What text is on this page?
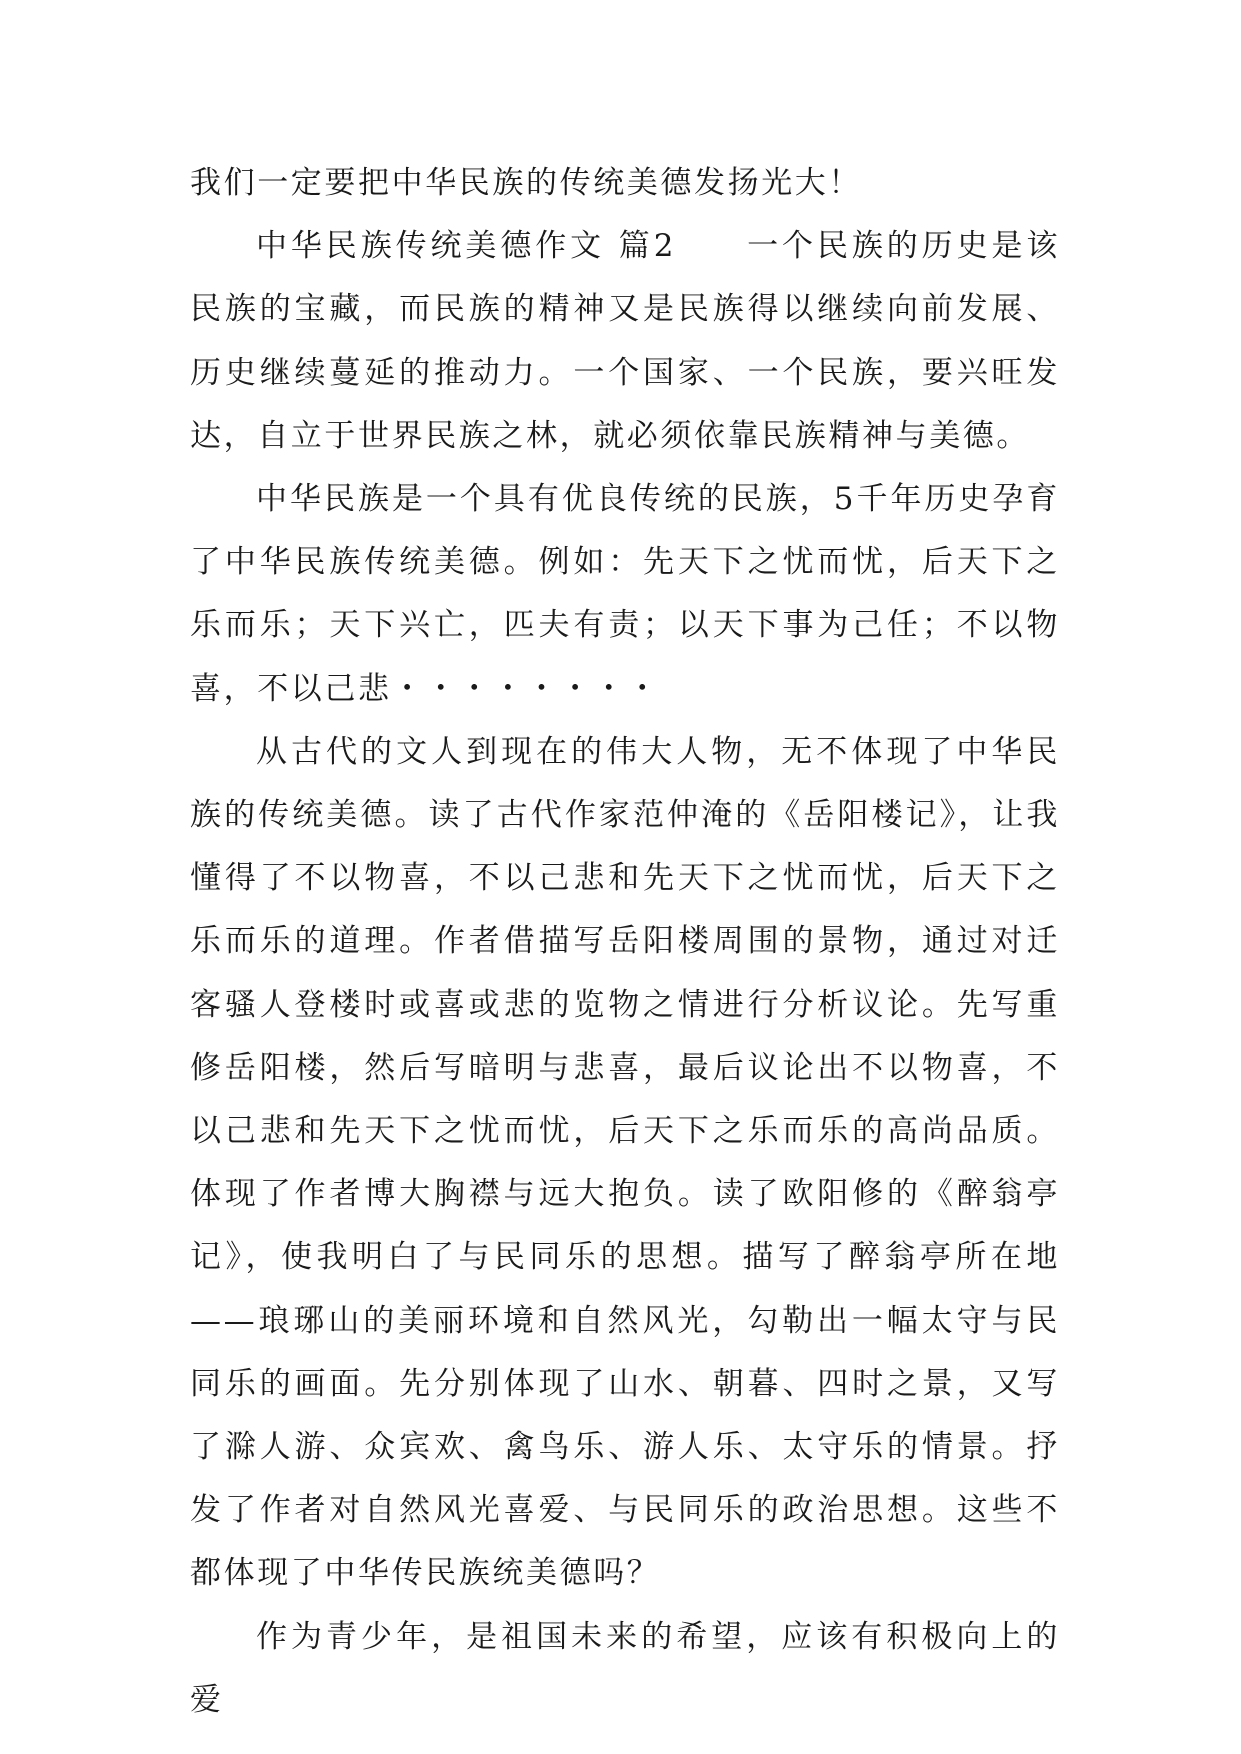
我们一定要把中华民族的传统美德发扬光大！

中华民族传统美德作文 篇2　　一个民族的历史是该民族的宝藏，而民族的精神又是民族得以继续向前发展、历史继续蔓延的推动力。一个国家、一个民族，要兴旺发达，自立于世界民族之林，就必须依靠民族精神与美德。

中华民族是一个具有优良传统的民族，5千年历史孕育了中华民族传统美德。例如：先天下之忧而忧，后天下之乐而乐；天下兴亡，匹夫有责；以天下事为己任；不以物喜，不以己悲・・・・・・・・

从古代的文人到现在的伟大人物，无不体现了中华民族的传统美德。读了古代作家范仲淹的《岳阳楼记》，让我懂得了不以物喜，不以己悲和先天下之忧而忧，后天下之乐而乐的道理。作者借描写岳阳楼周围的景物，通过对迁客骚人登楼时或喜或悲的览物之情进行分析议论。先写重修岳阳楼，然后写暗明与悲喜，最后议论出不以物喜，不以己悲和先天下之忧而忧，后天下之乐而乐的高尚品质。体现了作者博大胸襟与远大抱负。读了欧阳修的《醉翁亭记》，使我明白了与民同乐的思想。描写了醉翁亭所在地——琅琊山的美丽环境和自然风光，勾勒出一幅太守与民同乐的画面。先分别体现了山水、朝暮、四时之景，又写了滁人游、众宾欢、禽鸟乐、游人乐、太守乐的情景。抒发了作者对自然风光喜爱、与民同乐的政治思想。这些不都体现了中华传民族统美德吗？

作为青少年，是祖国未来的希望，应该有积极向上的爱
